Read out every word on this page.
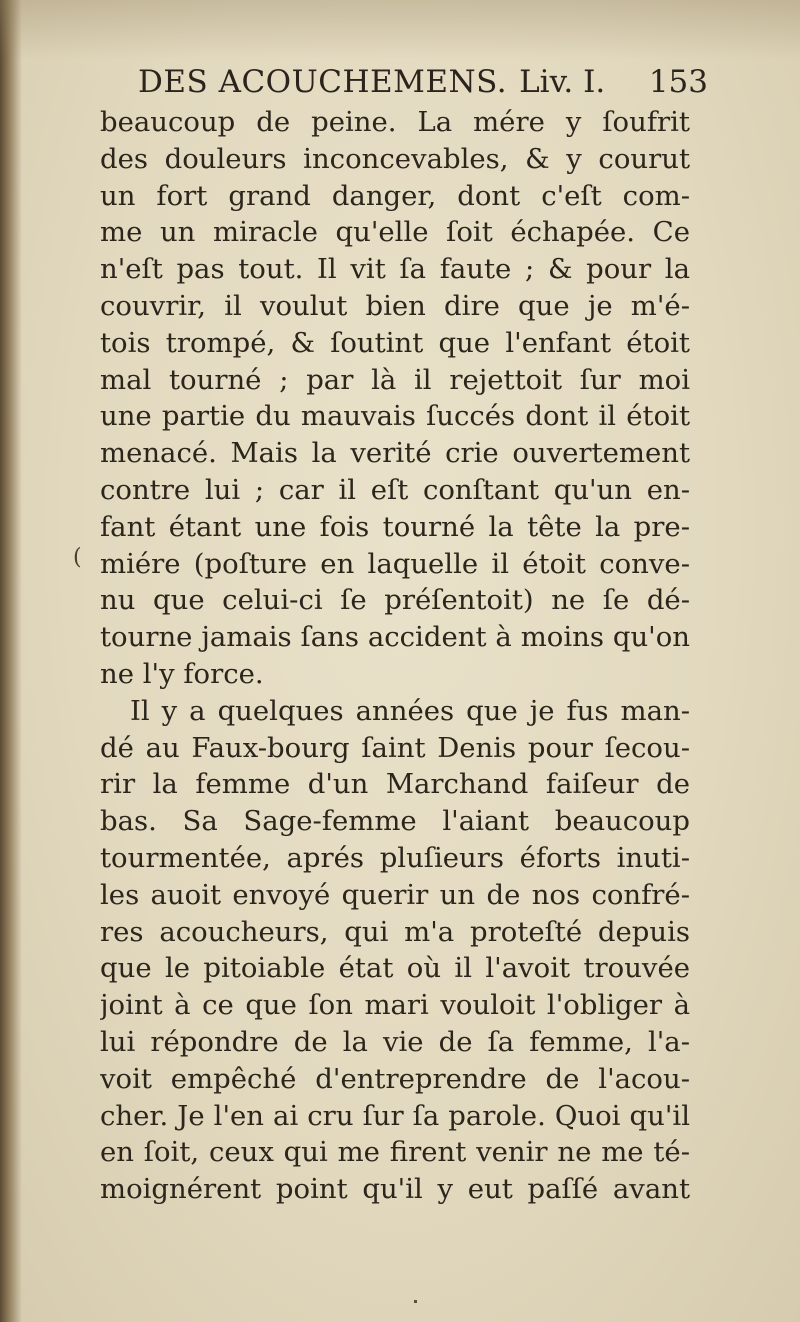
DES ACOUCHEMENS. Liv. I. 153
(
beaucoup de peine. La mére y ſoufrit
des douleurs inconcevables, & y courut
un fort grand danger, dont c'eſt com-
me un miracle qu'elle ſoit échapée. Ce
n'eſt pas tout. Il vit ſa faute ; & pour la
couvrir, il voulut bien dire que je m'é-
tois trompé, & ſoutint que l'enfant étoit
mal tourné ; par là il rejettoit ſur moi
une partie du mauvais ſuccés dont il étoit
menacé. Mais la verité crie ouvertement
contre lui ; car il eſt conſtant qu'un en-
fant étant une fois tourné la tête la pre-
miére (poſture en laquelle il étoit conve-
nu que celui-ci ſe préſentoit) ne ſe dé-
tourne jamais ſans accident à moins qu'on
ne l'y force.
Il y a quelques années que je fus man-
dé au Faux-bourg ſaint Denis pour ſecou-
rir la femme d'un Marchand faiſeur de
bas. Sa Sage-femme l'aiant beaucoup
tourmentée, aprés pluſieurs éforts inuti-
les auoit envoyé querir un de nos confré-
res acoucheurs, qui m'a proteſté depuis
que le pitoiable état où il l'avoit trouvée
joint à ce que ſon mari vouloit l'obliger à
lui répondre de la vie de ſa femme, l'a-
voit empêché d'entreprendre de l'acou-
cher. Je l'en ai cru ſur ſa parole. Quoi qu'il
en ſoit, ceux qui me firent venir ne me té-
moignérent point qu'il y eut paſſé avant
